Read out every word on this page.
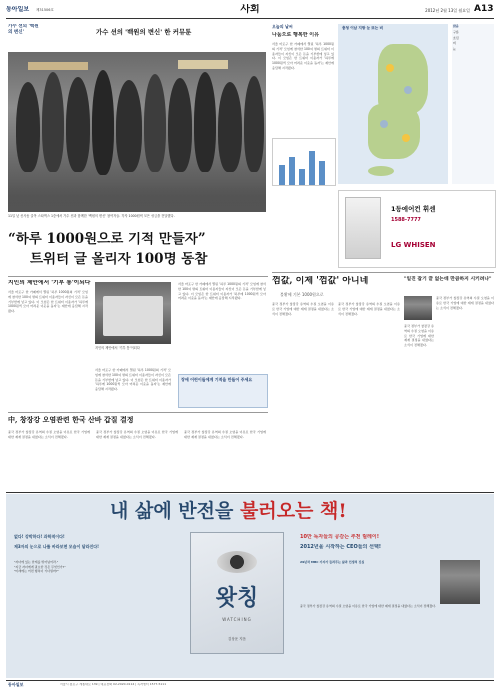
동아일보	제31506호	사회	2012년 2월 13일 월요일 A13
가수 션의 '백원의 변신'	가수 션의 '백원의 변신' 한 커뮤툰
11일 낮 신사동 골목 스타벅스 1층에서 가수 션과 함께한 '백원의 변신' 참여자들. 각자 1000원씩 모은 성금을 전달했다.
“하루 1000원으로 기적 만들자”
트위터 글 올리자 100명 동참
지인의 제안에서 '기부 통'이되다
서울 마포구 한 카페에서 열린 '하루 1000원의 기적' 모임에 참석한 100여 명의 트위터 이용자들이 자신이 모은 돈을 기부함에 넣고 있다. 이 모임은 한 트위터 이용자가 '하루에 1000원씩 모아 어려운 이웃을 돕자'는 제안에 응답해 시작됐다.
지인의 제안에서 '기부 통'이되다
서울 마포구 한 카페에서 열린 '하루 1000원의 기적' 모임에 참석한 100여 명의 트위터 이용자들이 자신이 모은 돈을 기부함에 넣고 있다. 이 모임은 한 트위터 이용자가 '하루에 1000원씩 모아 어려운 이웃을 돕자'는 제안에 응답해 시작됐다.
서울 마포구 한 카페에서 열린 '하루 1000원의 기적' 모임에 참석한 100여 명의 트위터 이용자들이 자신이 모은 돈을 기부함에 넣고 있다. 이 모임은 한 트위터 이용자가 '하루에 1000원씩 모아 어려운 이웃을 돕자'는 제안에 응답해 시작됐다.
장애 어린이들에게 기적을 만들어 주세요
中, 창장강 오염관련 한국 산바 갑질 결정
중국 정부가 창장강 유역의 수질 오염을 이유로 한국 기업에 대한 제재 결정을 내렸다는 소식이 전해졌다.
중국 정부가 창장강 유역의 수질 오염을 이유로 한국 기업에 대한 제재 결정을 내렸다는 소식이 전해졌다.
중국 정부가 창장강 유역의 수질 오염을 이유로 한국 기업에 대한 제재 결정을 내렸다는 소식이 전해졌다.
오늘의 날씨
나눔으로 행복한 이유
서울 마포구 한 카페에서 열린 '하루 1000원의 기적' 모임에 참석한 100여 명의 트위터 이용자들이 자신이 모은 돈을 기부함에 넣고 있다. 이 모임은 한 트위터 이용자가 '하루에 1000원씩 모아 어려운 이웃을 돕자'는 제안에 응답해 시작됐다.
충청 이남 지방 눈 또는 비	맑음
구름
흐림
비
눈
1등에어컨 휘센
1588-7777
LG WHISEN
껌값, 이제 '껌값' 아니네
불황에 기본 1000원으로
중국 정부가 창장강 유역의 수질 오염을 이유로 한국 기업에 대한 제재 결정을 내렸다는 소식이 전해졌다.
중국 정부가 창장강 유역의 수질 오염을 이유로 한국 기업에 대한 제재 결정을 내렸다는 소식이 전해졌다.
"일진 잡기 끝 없는데 만큼하지 시키려나"
중국 정부가 창장강 유역의 수질 오염을 이유로 한국 기업에 대한 제재 결정을 내렸다는 소식이 전해졌다.
중국 정부가 창장강 유역의 수질 오염을 이유로 한국 기업에 대한 제재 결정을 내렸다는 소식이 전해졌다.
내 삶에 반전을 불러오는 책!
없다! 강박하다! 과학적이다!
제3자의 눈으로 나를 바라보면 모습이 달라진다!
"자녀에 있는 한계를 뛰어넘어라."
"지금 자녀에게 필요한 것은 무엇인가?"
"미래에는 어떤 행복이 기다릴까?"
왓칭
WATCHING
김상운 지음
10만 독자들의 공감는 추천 릴레이!
2012년을 시작하는 CEO들의 선택!
29년차 MBC 기자가 들려주는 삶과 인생의 진실
중국 정부가 창장강 유역의 수질 오염을 이유로 한국 기업에 대한 제재 결정을 내렸다는 소식이 전해졌다.
동아일보	서울시 종로구 세종대로 139 | 대표전화 02-2020-0114 | 독자센터 1577-5111
